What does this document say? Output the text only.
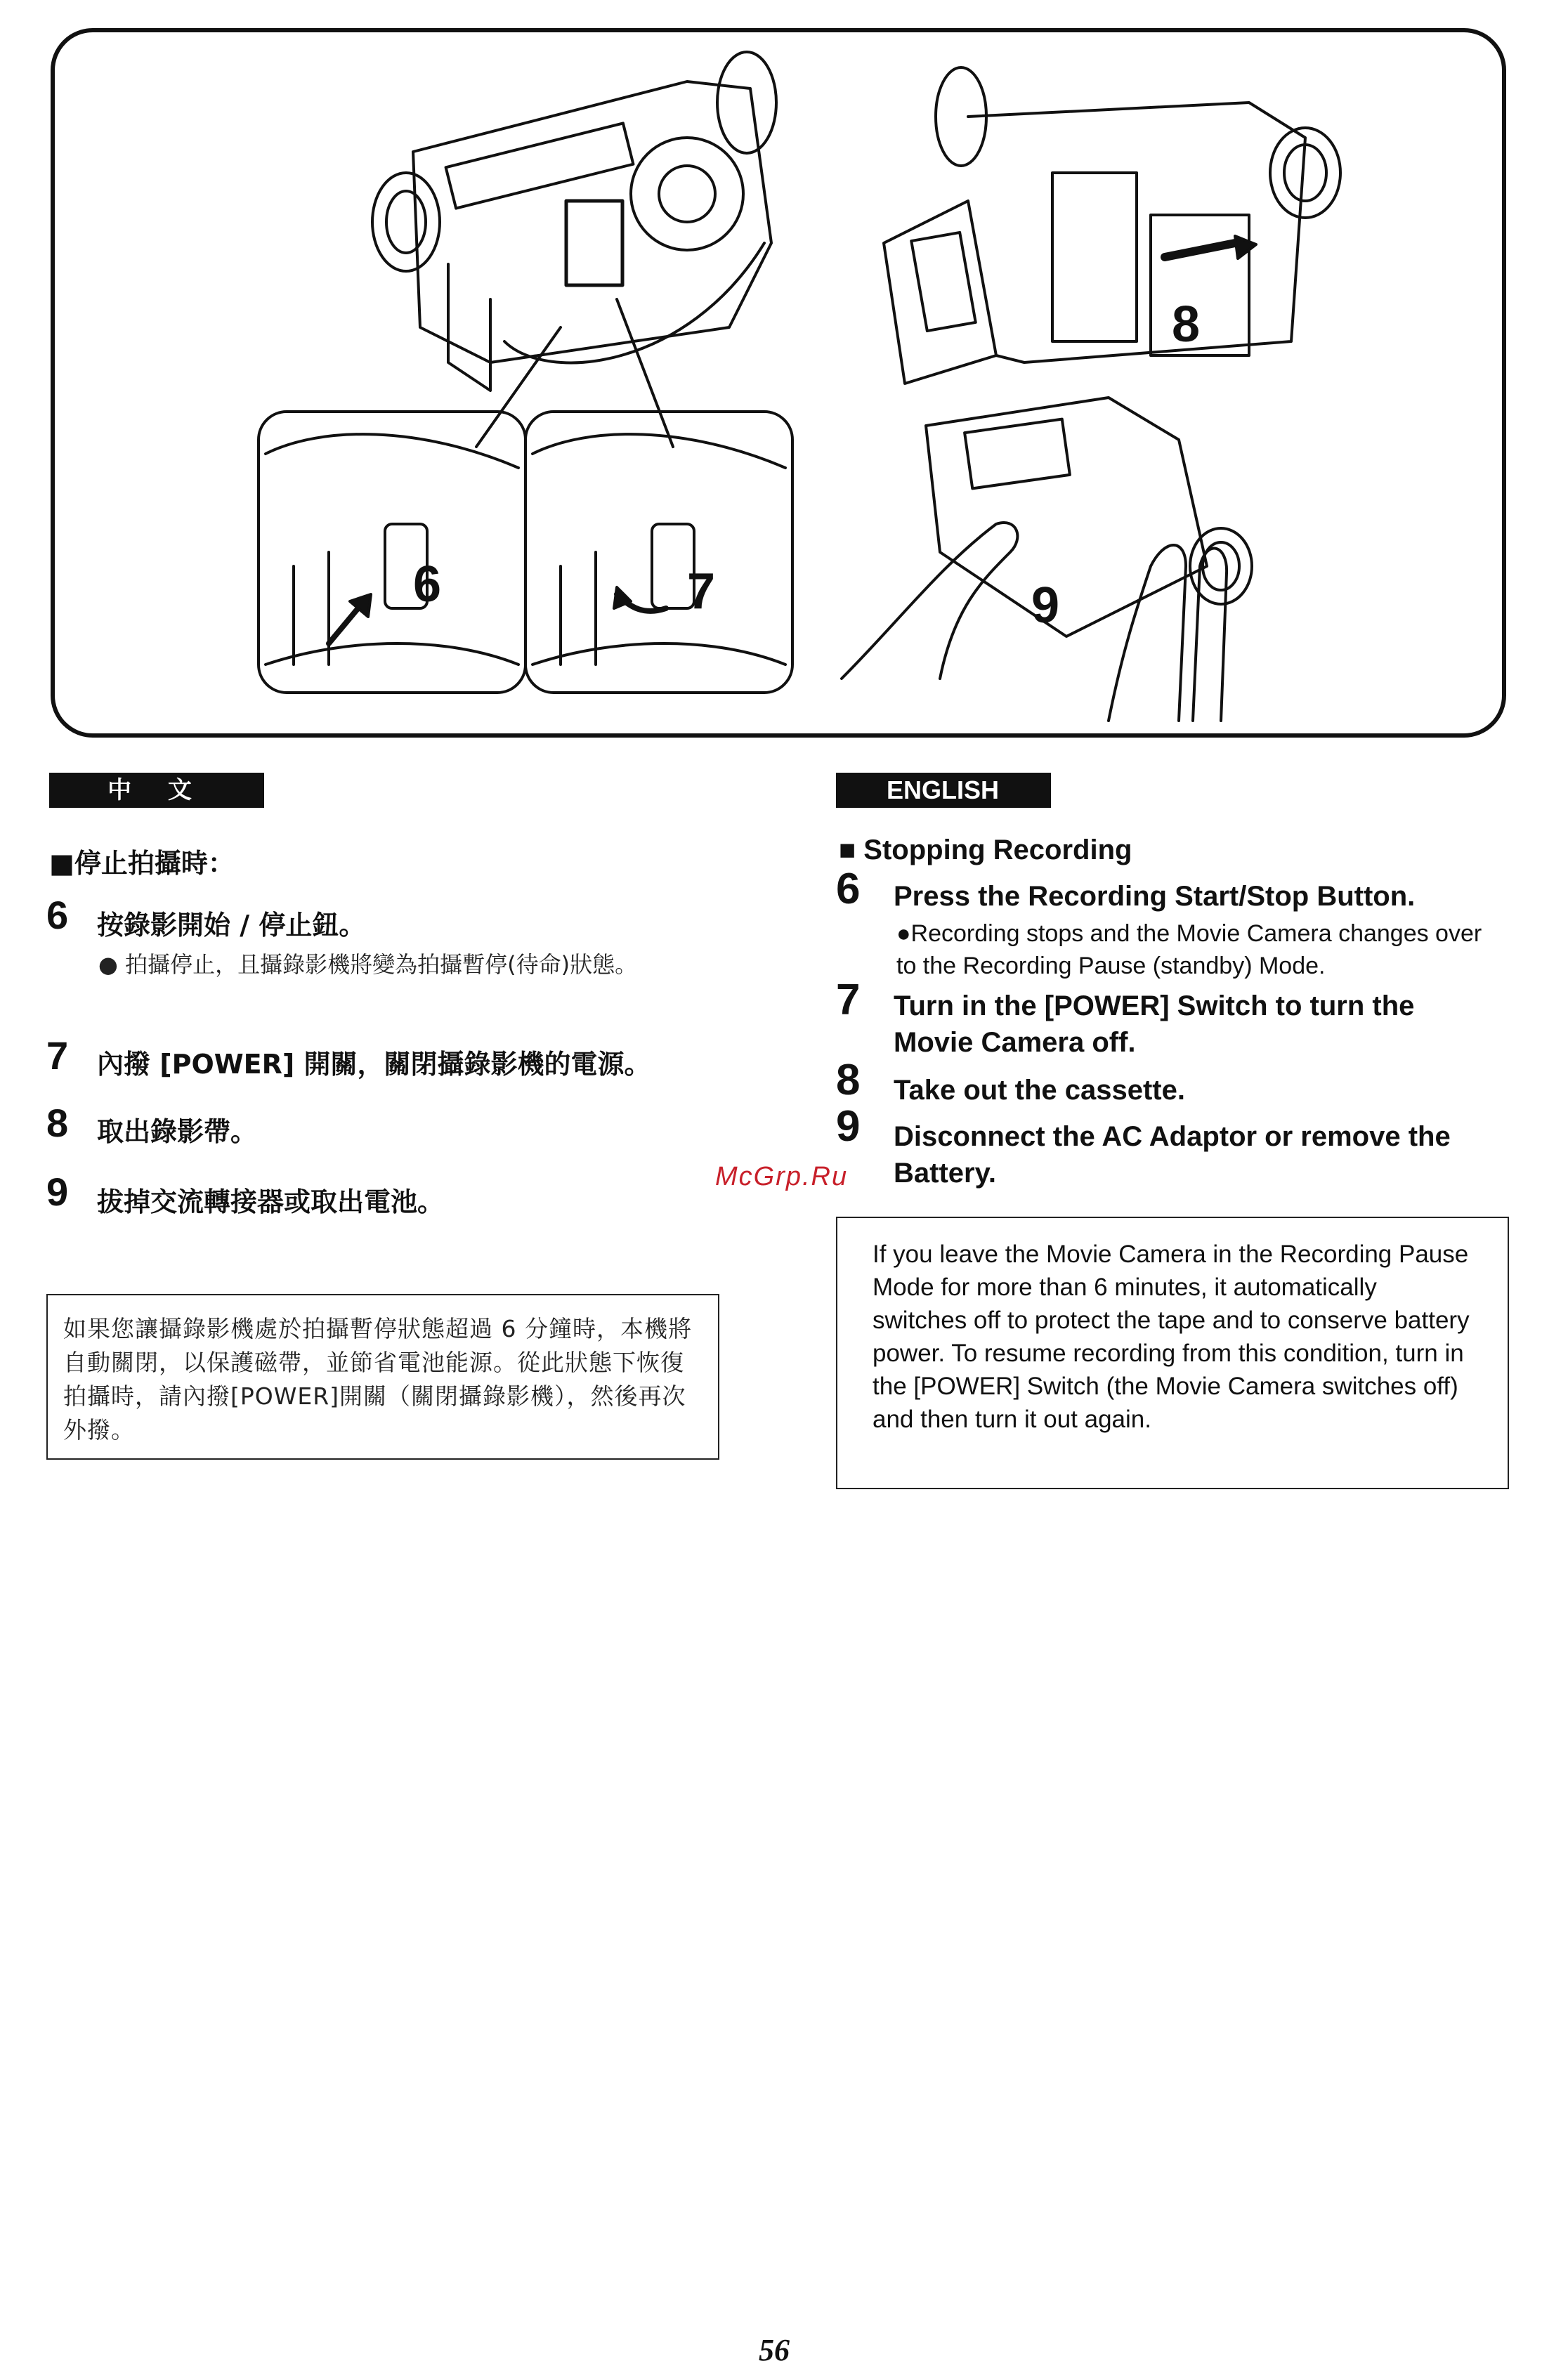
6	7
8
9
中 文
■停止拍攝時：
6 按錄影開始 / 停止鈕。
● 拍攝停止，且攝錄影機將變為拍攝暫停(待命)狀態。
7 內撥 [POWER] 開關，關閉攝錄影機的電源。
8 取出錄影帶。
9 拔掉交流轉接器或取出電池。

如果您讓攝錄影機處於拍攝暫停狀態超過 6 分鐘時，本機將自動關閉，以保護磁帶，並節省電池能源。從此狀態下恢復拍攝時，請內撥[POWER]開關（關閉攝錄影機），然後再次外撥。

McGrp.Ru
ENGLISH
■ Stopping Recording
6 Press the Recording Start/Stop Button.
●Recording stops and the Movie Camera changes over to the Recording Pause (standby) Mode.
7 Turn in the [POWER] Switch to turn the Movie Camera off.
8 Take out the cassette.
9 Disconnect the AC Adaptor or remove the Battery.

If you leave the Movie Camera in the Recording Pause Mode for more than 6 minutes, it automatically switches off to protect the tape and to conserve battery power. To resume recording from this condition, turn in the [POWER] Switch (the Movie Camera switches off) and then turn it out again.

56
